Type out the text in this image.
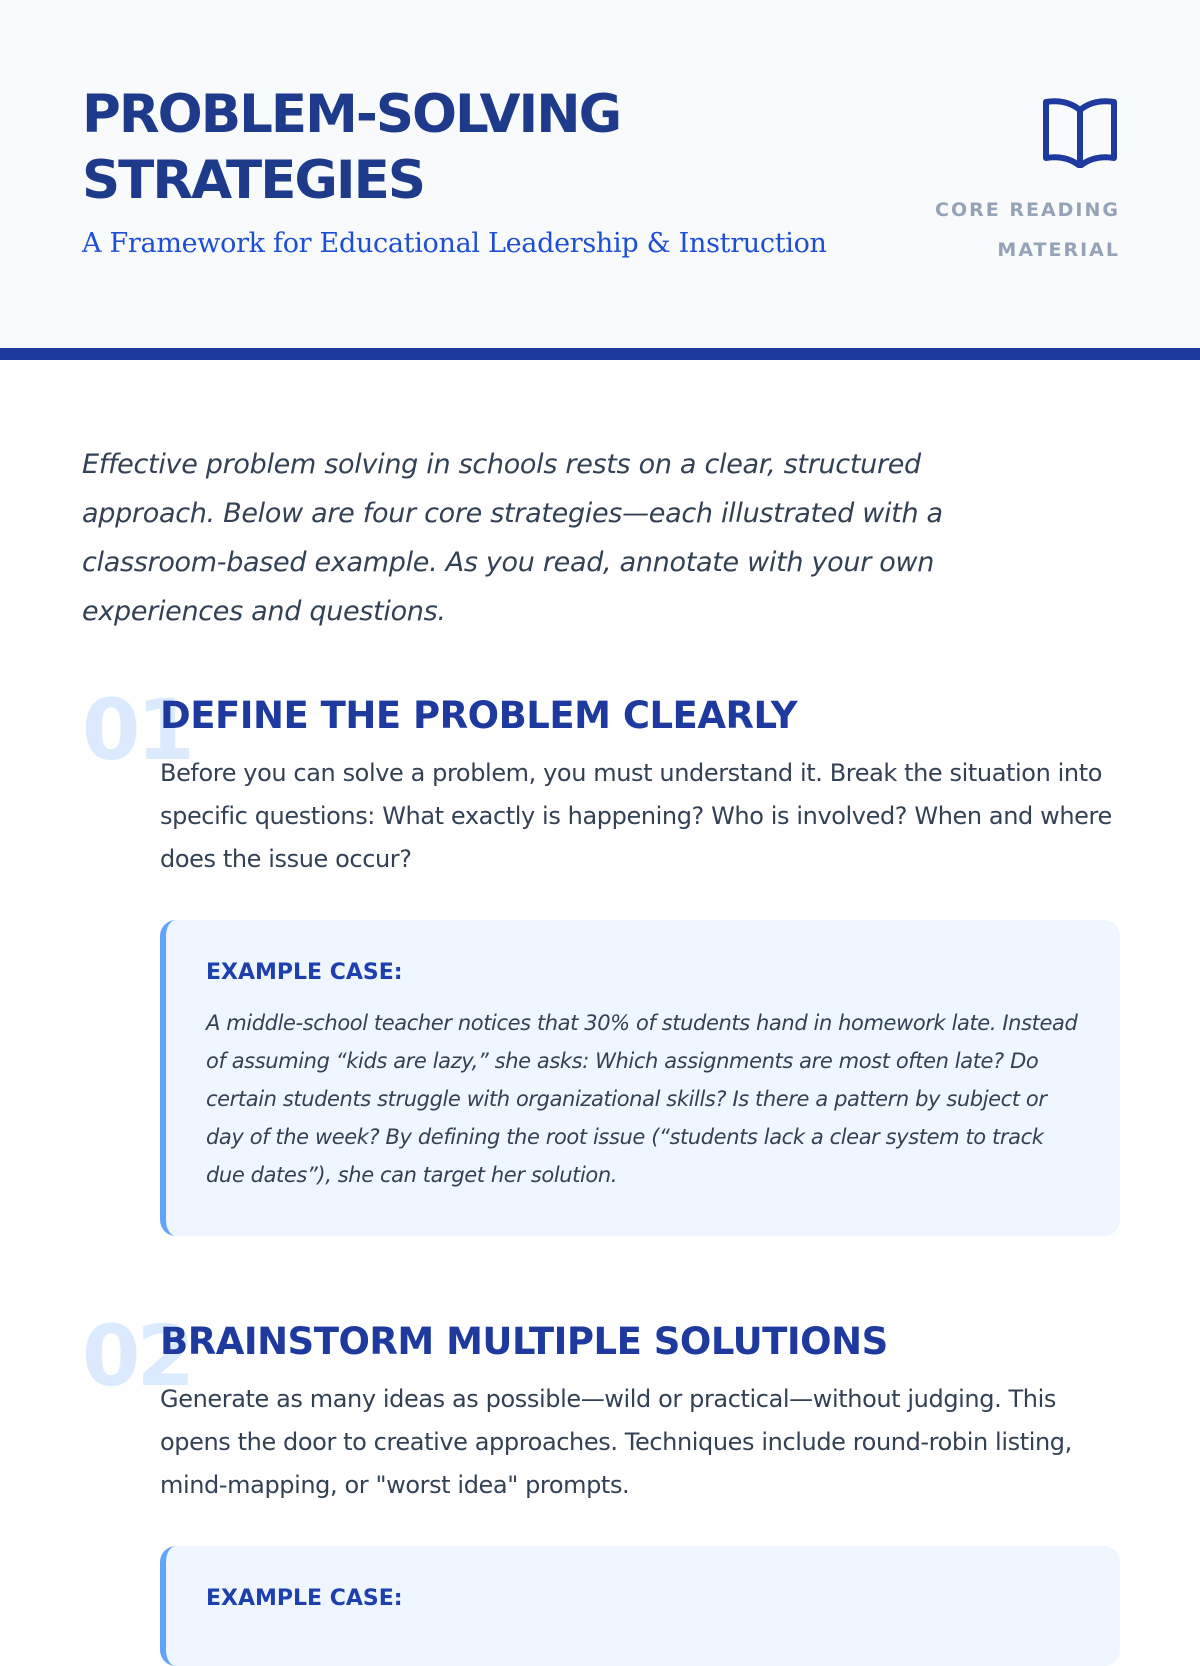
PROBLEM-SOLVING
STRATEGIES

A Framework for Educational Leadership & Instruction

CORE READING
MATERIAL

Effective problem solving in schools rests on a clear, structured approach. Below are four core strategies—each illustrated with a classroom-based example. As you read, annotate with your own experiences and questions.

01
DEFINE THE PROBLEM CLEARLY

Before you can solve a problem, you must understand it. Break the situation into specific questions: What exactly is happening? Who is involved? When and where does the issue occur?

EXAMPLE CASE:

A middle-school teacher notices that 30% of students hand in homework late. Instead of assuming “kids are lazy,” she asks: Which assignments are most often late? Do certain students struggle with organizational skills? Is there a pattern by subject or day of the week? By defining the root issue (“students lack a clear system to track due dates”), she can target her solution.

02
BRAINSTORM MULTIPLE SOLUTIONS

Generate as many ideas as possible—wild or practical—without judging. This opens the door to creative approaches. Techniques include round-robin listing, mind-mapping, or "worst idea" prompts.

EXAMPLE CASE:
